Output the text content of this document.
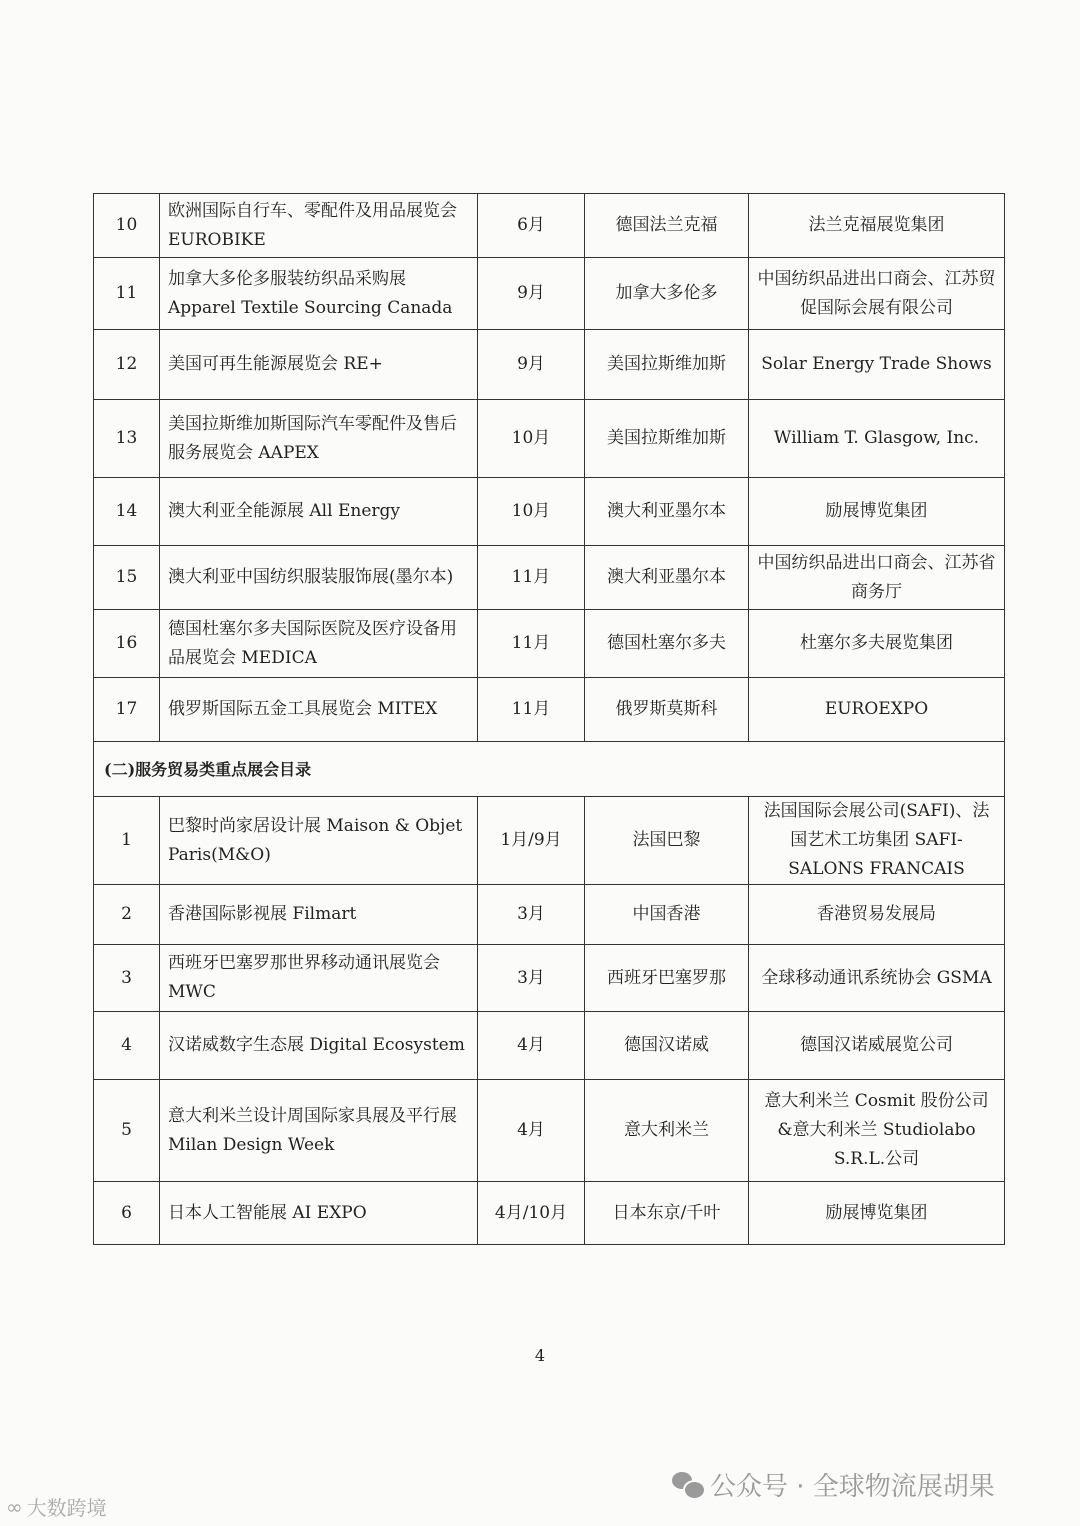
10	欧洲国际自行车、零配件及用品展览会 EUROBIKE	6月	德国法兰克福	法兰克福展览集团
11	加拿大多伦多服装纺织品采购展 Apparel Textile Sourcing Canada	9月	加拿大多伦多	中国纺织品进出口商会、江苏贸促国际会展有限公司
12	美国可再生能源展览会 RE+	9月	美国拉斯维加斯	Solar Energy Trade Shows
13	美国拉斯维加斯国际汽车零配件及售后服务展览会 AAPEX	10月	美国拉斯维加斯	William T. Glasgow, Inc.
14	澳大利亚全能源展 All Energy	10月	澳大利亚墨尔本	励展博览集团
15	澳大利亚中国纺织服装服饰展(墨尔本)	11月	澳大利亚墨尔本	中国纺织品进出口商会、江苏省商务厅
16	德国杜塞尔多夫国际医院及医疗设备用品展览会 MEDICA	11月	德国杜塞尔多夫	杜塞尔多夫展览集团
17	俄罗斯国际五金工具展览会 MITEX	11月	俄罗斯莫斯科	EUROEXPO
(二)服务贸易类重点展会目录				
1	巴黎时尚家居设计展 Maison & Objet Paris(M&O)	1月/9月	法国巴黎	法国国际会展公司(SAFI)、法国艺术工坊集团 SAFI-SALONS FRANCAIS
2	香港国际影视展 Filmart	3月	中国香港	香港贸易发展局
3	西班牙巴塞罗那世界移动通讯展览会 MWC	3月	西班牙巴塞罗那	全球移动通讯系统协会 GSMA
4	汉诺威数字生态展 Digital Ecosystem	4月	德国汉诺威	德国汉诺威展览公司
5	意大利米兰设计周国际家具展及平行展 Milan Design Week	4月	意大利米兰	意大利米兰 Cosmit 股份公司&意大利米兰 Studiolabo S.R.L.公司
6	日本人工智能展 AI EXPO	4月/10月	日本东京/千叶	励展博览集团
4
公众号 · 全球物流展胡果
∞ 大数跨境
